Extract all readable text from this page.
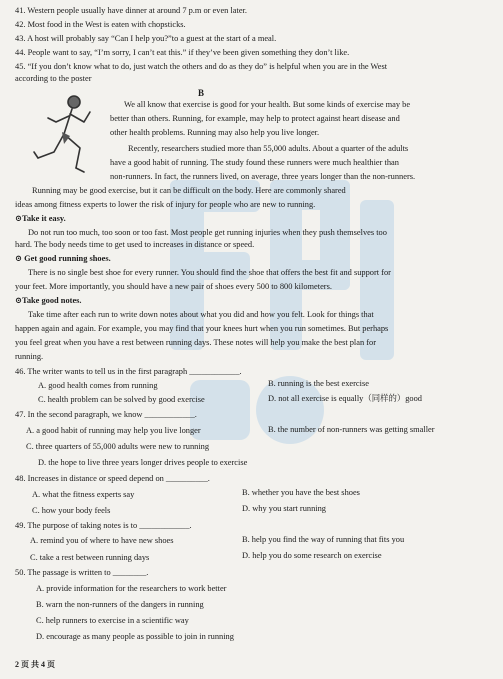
41. Western people usually have dinner at around 7 p.m or even later.
42. Most food in the West is eaten with chopsticks.
43. A host will probably say “Can I help you?”to a guest at the start of a meal.
44. People want to say, “I’m sorry, I can’t eat this.” if they’ve been given something they don’t like.
45. “If you don’t know what to do, just watch the others and do as they do” is helpful when you are in the West
according to the poster
B
We all know that exercise is good for your health. But some kinds of exercise may be
better than others. Running, for example, may help to protect against heart disease and
other health problems. Running may also help you live longer.
Recently, researchers studied more than 55,000 adults. About a quarter of the adults
have a good habit of running. The study found these runners were much healthier than
non-runners. In fact, the runners lived, on average, three years longer than the non-runners.
Running may be good exercise, but it can be difficult on the body. Here are commonly shared
ideas among fitness experts to lower the risk of injury for people who are new to running.
⊙Take it easy.
Do not run too much, too soon or too fast. Most people get running injuries when they push themselves too
hard. The body needs time to get used to increases in distance or speed.
⊙ Get good running shoes.
There is no single best shoe for every runner. You should find the shoe that offers the best fit and support for
your feet. More importantly, you should have a new pair of shoes every 500 to 800 kilometers.
⊙Take good notes.
Take time after each run to write down notes about what you did and how you felt. Look for things that
happen again and again. For example, you may find that your knees hurt when you run sometimes. But perhaps
you feel great when you have a rest between running days. These notes will help you make the best plan for
running.
46. The writer wants to tell us in the first paragraph ____________.
A. good health comes from running	B. running is the best exercise
C. health problem can be solved by good exercise	D. not all exercise is equally（同样的）good
47. In the second paragraph, we know ____________.
A. a good habit of running may help you live longer	B. the number of non-runners was getting smaller
C. three quarters of 55,000 adults were new to running
D. the hope to live three years longer drives people to exercise
48. Increases in distance or speed depend on __________.
A. what the fitness experts say	B. whether you have the best shoes
C. how your body feels	D. why you start running
49. The purpose of taking notes is to ____________.
A. remind you of where to have new shoes	B. help you find the way of running that fits you
C. take a rest between running days	D. help you do some research on exercise
50. The passage is written to ________.
A. provide information for the researchers to work better
B. warn the non-runners of the dangers in running
C. help runners to exercise in a scientific way
D. encourage as many people as possible to join in running
2 页 共 4 页
